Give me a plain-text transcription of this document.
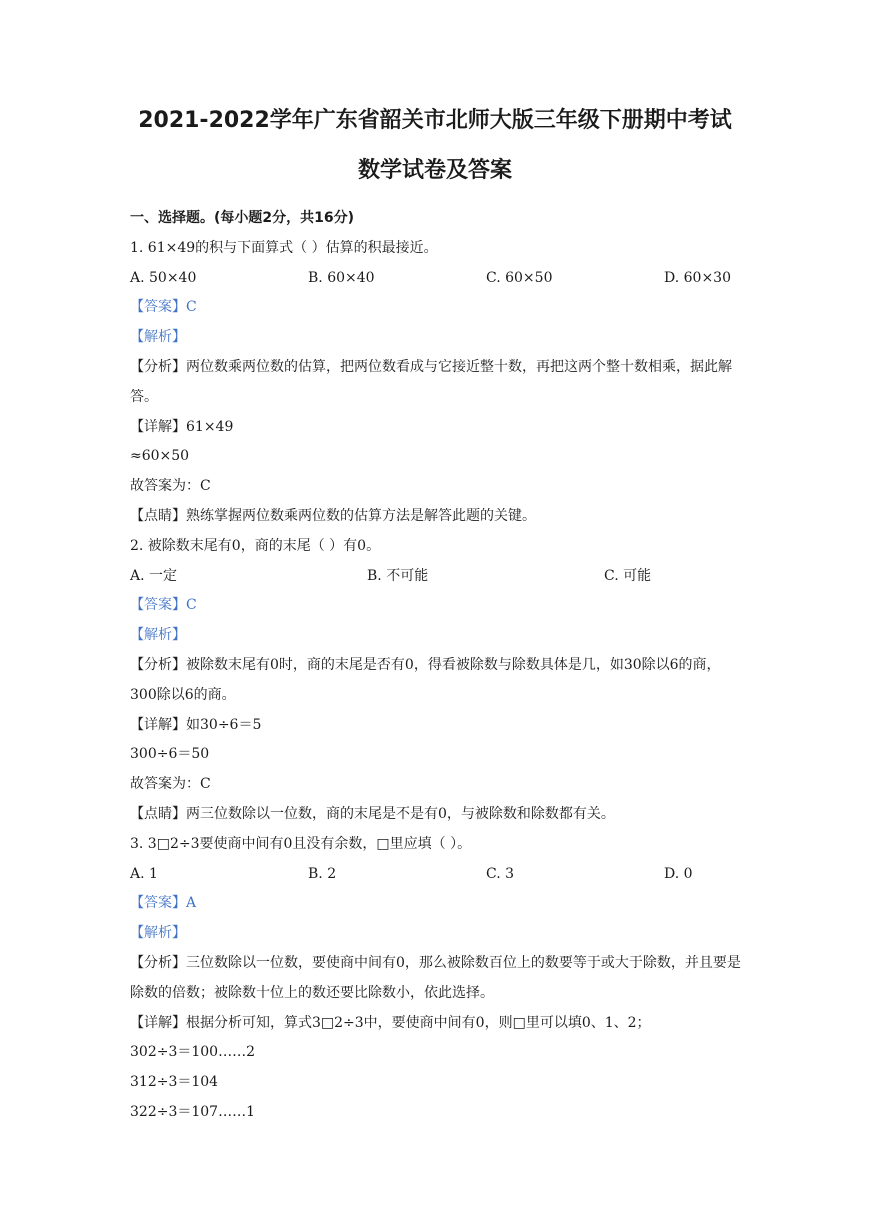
2021-2022学年广东省韶关市北师大版三年级下册期中考试
数学试卷及答案
一、选择题。(每小题2分，共16分)
1. 61×49的积与下面算式（ ）估算的积最接近。
A. 50×40	B. 60×40	C. 60×50	D. 60×30
【答案】C
【解析】
【分析】两位数乘两位数的估算，把两位数看成与它接近整十数，再把这两个整十数相乘，据此解答。
【详解】61×49
≈60×50
故答案为：C
【点睛】熟练掌握两位数乘两位数的估算方法是解答此题的关键。
2. 被除数末尾有0，商的末尾（ ）有0。
A. 一定	B. 不可能	C. 可能
【答案】C
【解析】
【分析】被除数末尾有0时，商的末尾是否有0，得看被除数与除数具体是几，如30除以6的商，300除以6的商。
【详解】如30÷6＝5
300÷6＝50
故答案为：C
【点睛】两三位数除以一位数，商的末尾是不是有0，与被除数和除数都有关。
3. 3□2÷3要使商中间有0且没有余数，□里应填（ ）。
A. 1	B. 2	C. 3	D. 0
【答案】A
【解析】
【分析】三位数除以一位数，要使商中间有0，那么被除数百位上的数要等于或大于除数，并且要是除数的倍数；被除数十位上的数还要比除数小，依此选择。
【详解】根据分析可知，算式3□2÷3中，要使商中间有0，则□里可以填0、1、2；
302÷3＝100……2
312÷3＝104
322÷3＝107……1
